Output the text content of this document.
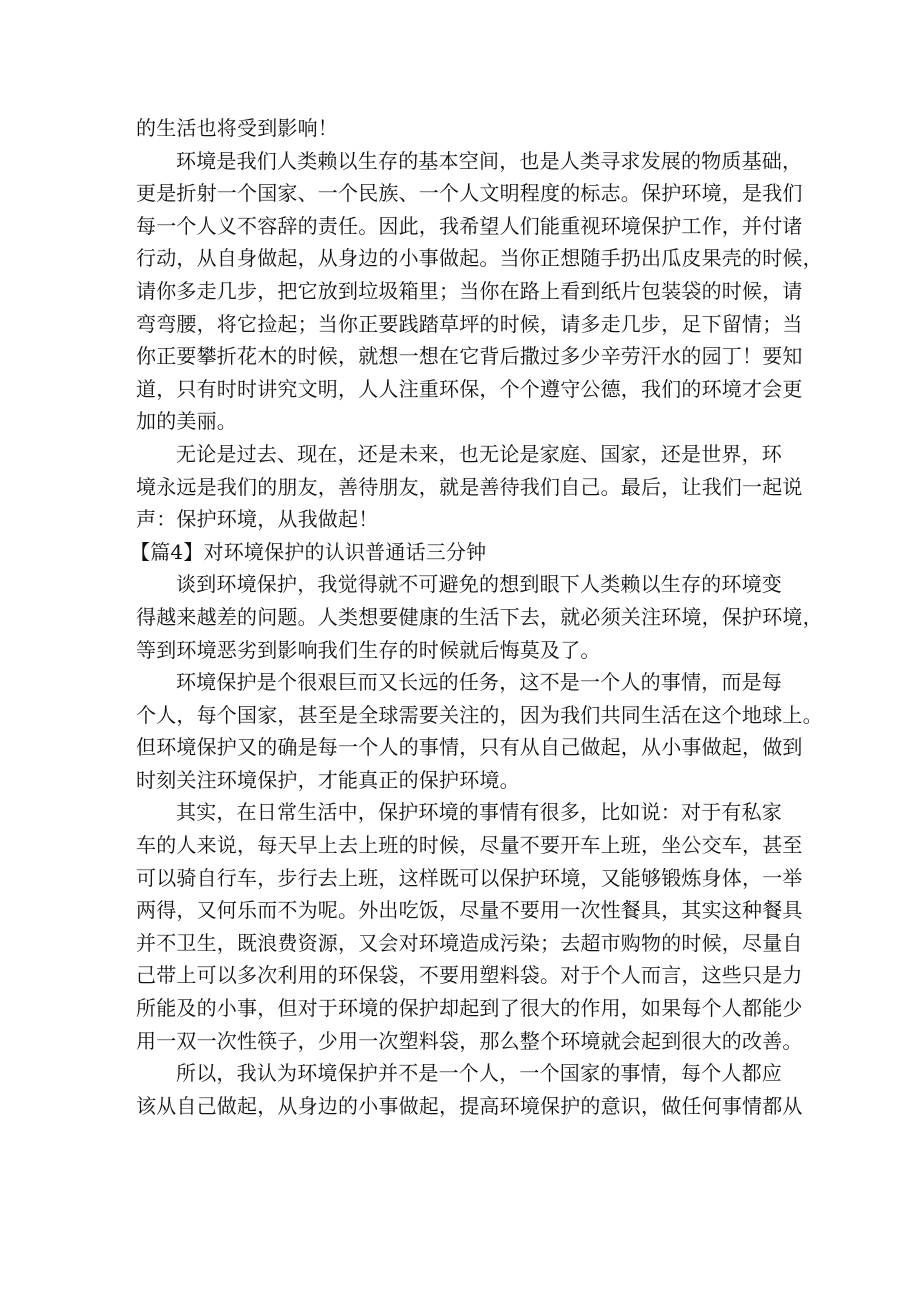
的生活也将受到影响！
环境是我们人类赖以生存的基本空间，也是人类寻求发展的物质基础，
更是折射一个国家、一个民族、一个人文明程度的标志。保护环境，是我们
每一个人义不容辞的责任。因此，我希望人们能重视环境保护工作，并付诸
行动，从自身做起，从身边的小事做起。当你正想随手扔出瓜皮果壳的时候，
请你多走几步，把它放到垃圾箱里；当你在路上看到纸片包装袋的时候，请
弯弯腰，将它捡起；当你正要践踏草坪的时候，请多走几步，足下留情；当
你正要攀折花木的时候，就想一想在它背后撒过多少辛劳汗水的园丁！要知
道，只有时时讲究文明，人人注重环保，个个遵守公德，我们的环境才会更
加的美丽。
无论是过去、现在，还是未来，也无论是家庭、国家，还是世界，环
境永远是我们的朋友，善待朋友，就是善待我们自己。最后，让我们一起说
声：保护环境，从我做起！
【篇4】对环境保护的认识普通话三分钟
谈到环境保护，我觉得就不可避免的想到眼下人类赖以生存的环境变
得越来越差的问题。人类想要健康的生活下去，就必须关注环境，保护环境，
等到环境恶劣到影响我们生存的时候就后悔莫及了。
环境保护是个很艰巨而又长远的任务，这不是一个人的事情，而是每
个人，每个国家，甚至是全球需要关注的，因为我们共同生活在这个地球上。
但环境保护又的确是每一个人的事情，只有从自己做起，从小事做起，做到
时刻关注环境保护，才能真正的保护环境。
其实，在日常生活中，保护环境的事情有很多，比如说：对于有私家
车的人来说，每天早上去上班的时候，尽量不要开车上班，坐公交车，甚至
可以骑自行车，步行去上班，这样既可以保护环境，又能够锻炼身体，一举
两得，又何乐而不为呢。外出吃饭，尽量不要用一次性餐具，其实这种餐具
并不卫生，既浪费资源，又会对环境造成污染；去超市购物的时候，尽量自
己带上可以多次利用的环保袋，不要用塑料袋。对于个人而言，这些只是力
所能及的小事，但对于环境的保护却起到了很大的作用，如果每个人都能少
用一双一次性筷子，少用一次塑料袋，那么整个环境就会起到很大的改善。
所以，我认为环境保护并不是一个人，一个国家的事情，每个人都应
该从自己做起，从身边的小事做起，提高环境保护的意识，做任何事情都从
